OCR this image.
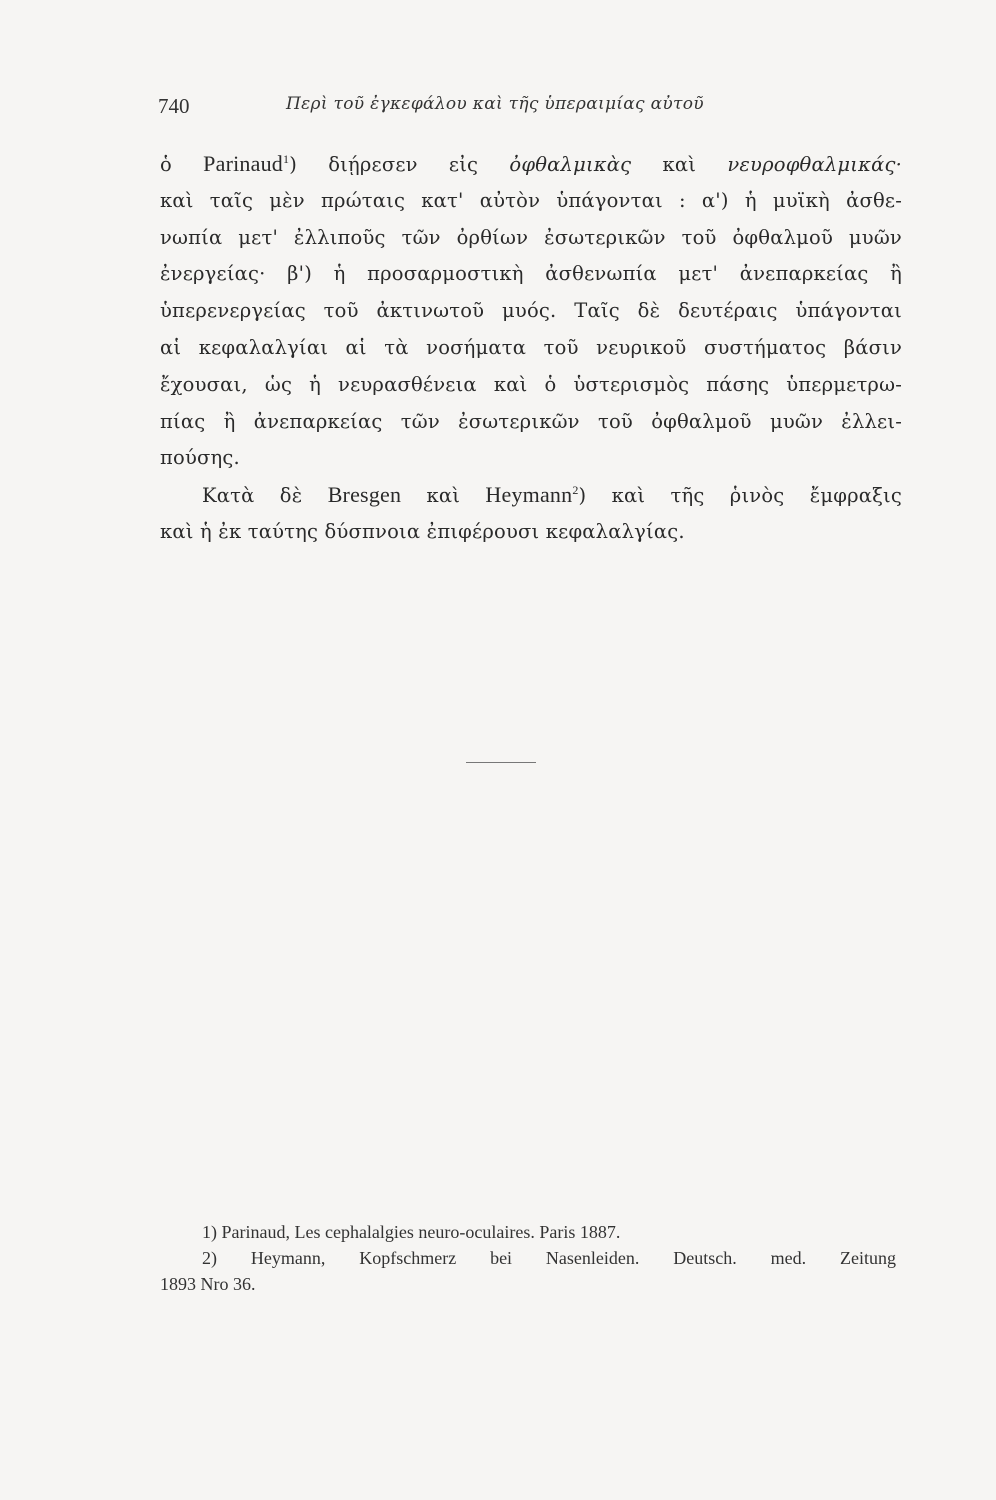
740	Περὶ τοῦ ἐγκεφάλου καὶ τῆς ὑπεραιμίας αὐτοῦ
ὁ Parinaud$^1$) διῄρεσεν εἰς ὀφθαλμικὰς καὶ νευροφθαλμικάς·
καὶ ταῖς μὲν πρώταις κατ' αὐτὸν ὑπάγονται : α') ἡ μυϊκὴ ἀσθε-
νωπία μετ' ἐλλιποῦς τῶν ὀρθίων ἐσωτερικῶν τοῦ ὀφθαλμοῦ μυῶν
ἐνεργείας· β') ἡ προσαρμοστικὴ ἀσθενωπία μετ' ἀνεπαρκείας ἢ
ὑπερενεργείας τοῦ ἀκτινωτοῦ μυός. Ταῖς δὲ δευτέραις ὑπάγονται
αἱ κεφαλαλγίαι αἱ τὰ νοσήματα τοῦ νευρικοῦ συστήματος βάσιν
ἔχουσαι, ὡς ἡ νευρασθένεια καὶ ὁ ὑστερισμὸς πάσης ὑπερμετρω-
πίας ἢ ἀνεπαρκείας τῶν ἐσωτερικῶν τοῦ ὀφθαλμοῦ μυῶν ἐλλει-
πούσης.
Κατὰ δὲ Bresgen καὶ Heymann$^2$) καὶ τῆς ῥινὸς ἔμφραξις
καὶ ἡ ἐκ ταύτης δύσπνοια ἐπιφέρουσι κεφαλαλγίας.
1) Parinaud, Les cephalalgies neuro-oculaires. Paris 1887.
2) Heymann, Kopfschmerz bei Nasenleiden. Deutsch. med. Zeitung
1893 Nro 36.
